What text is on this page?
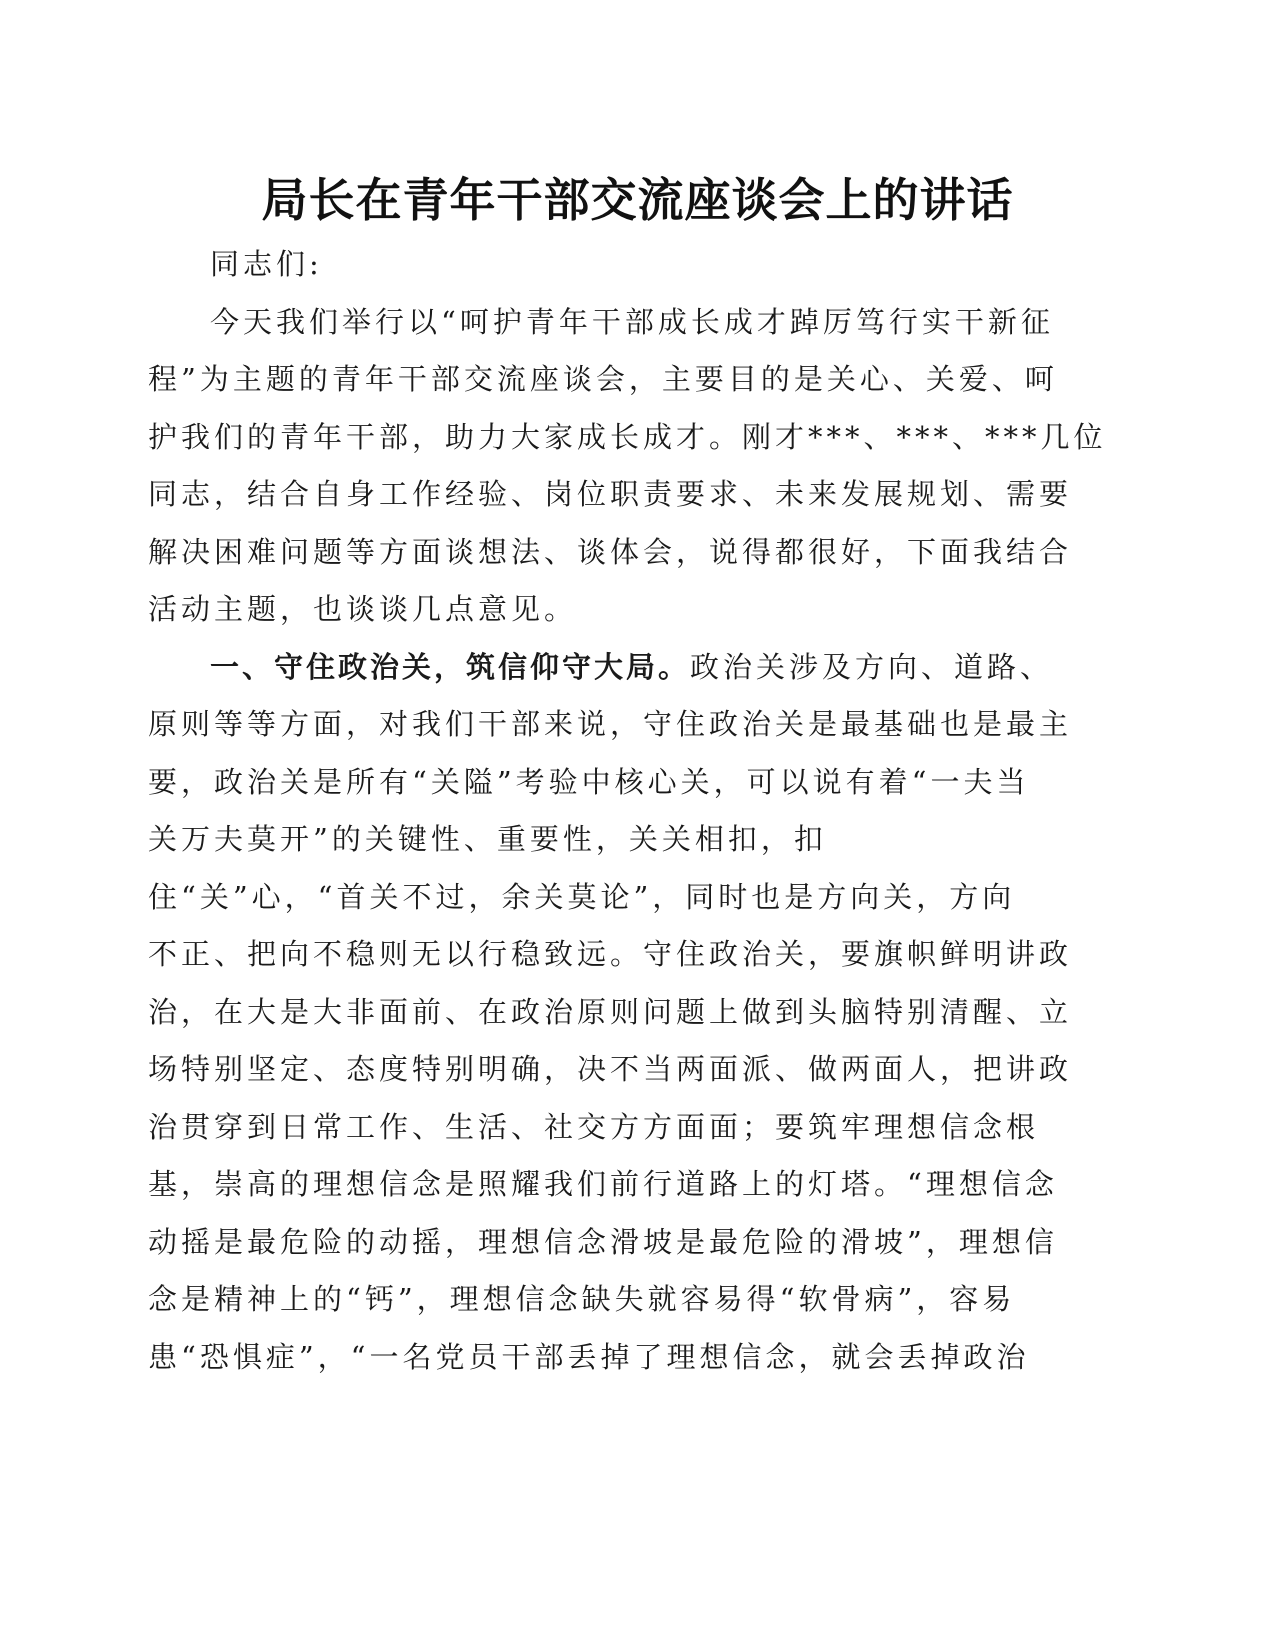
局长在青年干部交流座谈会上的讲话
同志们:
今天我们举行以“呵护青年干部成长成才踔厉笃行实干新征
程”为主题的青年干部交流座谈会，主要目的是关心、关爱、呵
护我们的青年干部，助力大家成长成才。刚才***、***、***几位
同志，结合自身工作经验、岗位职责要求、未来发展规划、需要
解决困难问题等方面谈想法、谈体会，说得都很好，下面我结合
活动主题，也谈谈几点意见。
一、守住政治关，筑信仰守大局。政治关涉及方向、道路、
原则等等方面，对我们干部来说，守住政治关是最基础也是最主
要，政治关是所有“关隘”考验中核心关，可以说有着“一夫当
关万夫莫开”的关键性、重要性，关关相扣，扣
住“关”心，“首关不过，余关莫论”，同时也是方向关，方向
不正、把向不稳则无以行稳致远。守住政治关，要旗帜鲜明讲政
治，在大是大非面前、在政治原则问题上做到头脑特别清醒、立
场特别坚定、态度特别明确，决不当两面派、做两面人，把讲政
治贯穿到日常工作、生活、社交方方面面；要筑牢理想信念根
基，崇高的理想信念是照耀我们前行道路上的灯塔。“理想信念
动摇是最危险的动摇，理想信念滑坡是最危险的滑坡”，理想信
念是精神上的“钙”，理想信念缺失就容易得“软骨病”，容易
患“恐惧症”，“一名党员干部丢掉了理想信念，就会丢掉政治
